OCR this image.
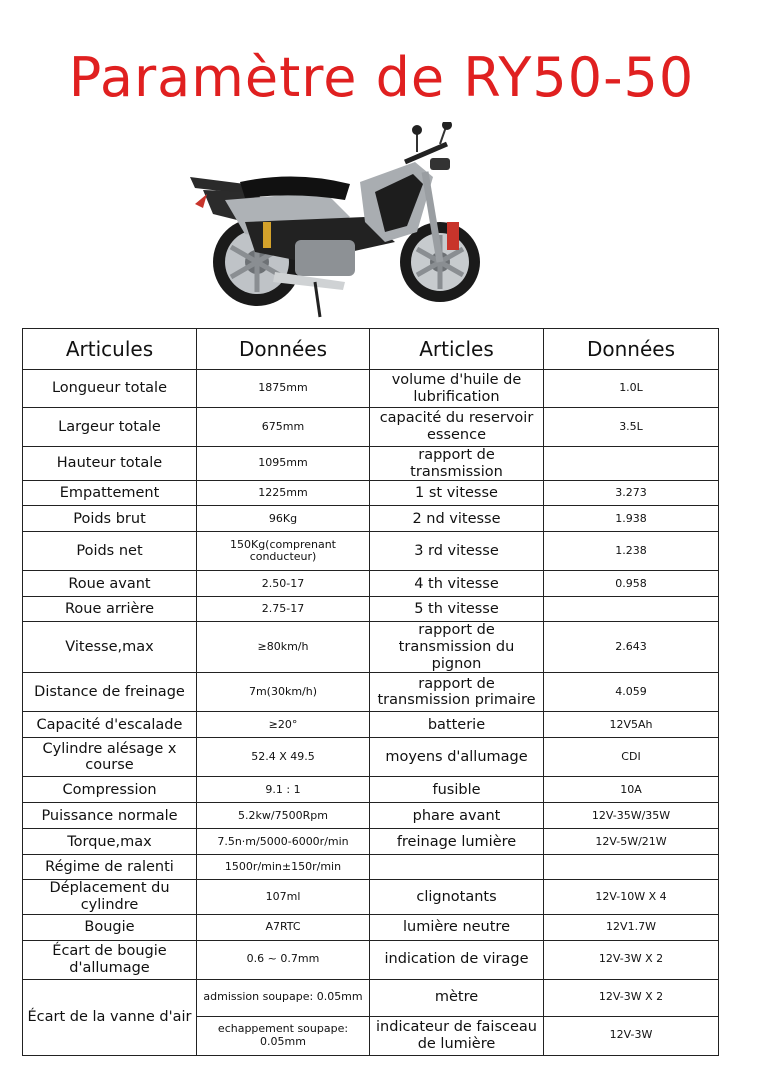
Paramètre de RY50-50
Articules	Données	Articles	Données
Longueur totale	1875mm	volume d'huile de lubrification	1.0L
Largeur totale	675mm	capacité du reservoir essence	3.5L
Hauteur totale	1095mm	rapport de transmission	
Empattement	1225mm	1 st vitesse	3.273
Poids brut	96Kg	2 nd vitesse	1.938
Poids net	150Kg(comprenant conducteur)	3 rd vitesse	1.238
Roue avant	2.50-17	4 th vitesse	0.958
Roue arrière	2.75-17	5 th vitesse	
Vitesse,max	≥80km/h	rapport de transmission du pignon	2.643
Distance de freinage	7m(30km/h)	rapport de transmission primaire	4.059
Capacité d'escalade	≥20°	batterie	12V5Ah
Cylindre alésage x course	52.4 X 49.5	moyens d'allumage	CDI
Compression	9.1 : 1	fusible	10A
Puissance normale	5.2kw/7500Rpm	phare avant	12V-35W/35W
Torque,max	7.5n·m/5000-6000r/min	freinage lumière	12V-5W/21W
Régime de ralenti	1500r/min±150r/min		
Déplacement du cylindre	107ml	clignotants	12V-10W X 4
Bougie	A7RTC	lumière neutre	12V1.7W
Écart de bougie d'allumage	0.6 ~ 0.7mm	indication de virage	12V-3W X 2
Écart de la vanne d'air	admission soupape: 0.05mm	mètre	12V-3W X 2
	echappement soupape: 0.05mm	indicateur de faisceau de lumière	12V-3W
